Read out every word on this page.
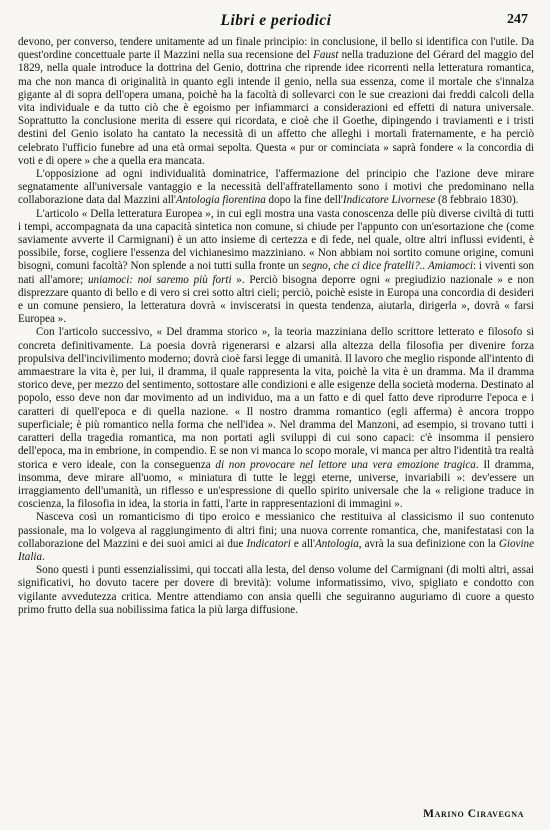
Libri e periodici	247

devono, per converso, tendere unitamente ad un finale principio: in conclusione, il bello si identifica con l'utile. Da quest'ordine concettuale parte il Mazzini nella sua recensione del Faust nella traduzione del Gérard del maggio del 1829, nella quale introduce la dottrina del Genio, dottrina che riprende idee ricorrenti nella letteratura romantica, ma che non manca di originalità in quanto egli intende il genio, nella sua essenza, come il mortale che s'innalza gigante al di sopra dell'opera umana, poichè ha la facoltà di sollevarci con le sue creazioni dai freddi calcoli della vita individuale e da tutto ciò che è egoismo per infiammarci a considerazioni ed effetti di natura universale. Soprattutto la conclusione merita di essere qui ricordata, e cioè che il Goethe, dipingendo i traviamenti e i tristi destini del Genio isolato ha cantato la necessità di un affetto che alleghi i mortali fraternamente, e ha perciò celebrato l'ufficio funebre ad una età ormai sepolta. Questa « pur or cominciata » saprà fondere « la concordia di voti e di opere » che a quella era mancata.

L'opposizione ad ogni individualità dominatrice, l'affermazione del principio che l'azione deve mirare segnatamente all'universale vantaggio e la necessità dell'affratellamento sono i motivi che predominano nella collaborazione data dal Mazzini all'Antologia fiorentina dopo la fine dell'Indicatore Livornese (8 febbraio 1830).

L'articolo « Della letteratura Europea », in cui egli mostra una vasta conoscenza delle più diverse civiltà di tutti i tempi, accompagnata da una capacità sintetica non comune, si chiude per l'appunto con un'esortazione che (come saviamente avverte il Carmignani) è un atto insieme di certezza e di fede, nel quale, oltre altri influssi evidenti, è possibile, forse, cogliere l'essenza del vichianesimo mazziniano. « Non abbiam noi sortito comune origine, comuni bisogni, comuni facoltà? Non splende a noi tutti sulla fronte un segno, che ci dice fratelli?.. Amiamoci: i viventi son nati all'amore; uniamoci: noi saremo più forti ». Perciò bisogna deporre ogni « pregiudizio nazionale » e non disprezzare quanto di bello e di vero si crei sotto altri cieli; perciò, poichè esiste in Europa una concordia di desideri e un comune pensiero, la letteratura dovrà « invisceratsi in questa tendenza, aiutarla, dirigerla », dovrà « farsi Europea ».

Con l'articolo successivo, « Del dramma storico », la teoria mazziniana dello scrittore letterato e filosofo si concreta definitivamente. La poesia dovrà rigenerarsi e alzarsi alla altezza della filosofia per divenire forza propulsiva dell'incivilimento moderno; dovrà cioè farsi legge di umanità. Il lavoro che meglio risponde all'intento di ammaestrare la vita è, per lui, il dramma, il quale rappresenta la vita, poichè la vita è un dramma. Ma il dramma storico deve, per mezzo del sentimento, sottostare alle condizioni e alle esigenze della società moderna. Destinato al popolo, esso deve non dar movimento ad un individuo, ma a un fatto e di quel fatto deve riprodurre l'epoca e i caratteri di quell'epoca e di quella nazione. « Il nostro dramma romantico (egli afferma) è ancora troppo superficiale; è più romantico nella forma che nell'idea ». Nel dramma del Manzoni, ad esempio, si trovano tutti i caratteri della tragedia romantica, ma non portati agli sviluppi di cui sono capaci: c'è insomma il pensiero dell'epoca, ma in embrione, in compendio. E se non vi manca lo scopo morale, vi manca per altro l'identità tra realtà storica e vero ideale, con la conseguenza di non provocare nel lettore una vera emozione tragica. Il dramma, insomma, deve mirare all'uomo, « miniatura di tutte le leggi eterne, universe, invariabili »: dev'essere un irraggiamento dell'umanità, un riflesso e un'espressione di quello spirito universale che la « religione traduce in coscienza, la filosofia in idea, la storia in fatti, l'arte in rappresentazioni di immagini ».

Nasceva così un romanticismo di tipo eroico e messianico che restituiva al classicismo il suo contenuto passionale, ma lo volgeva al raggiungimento di altri fini; una nuova corrente romantica, che, manifestatasi con la collaborazione del Mazzini e dei suoi amici ai due Indicatori e all'Antologia, avrà la sua definizione con la Giovine Italia.

Sono questi i punti essenzialissimi, qui toccati alla lesta, del denso volume del Carmignani (di molti altri, assai significativi, ho dovuto tacere per dovere di brevità): volume informatissimo, vivo, spigliato e condotto con vigilante avvedutezza critica. Mentre attendiamo con ansia quelli che seguiranno auguriamo di cuore a questo primo frutto della sua nobilissima fatica la più larga diffusione.

Marino Ciravegna
